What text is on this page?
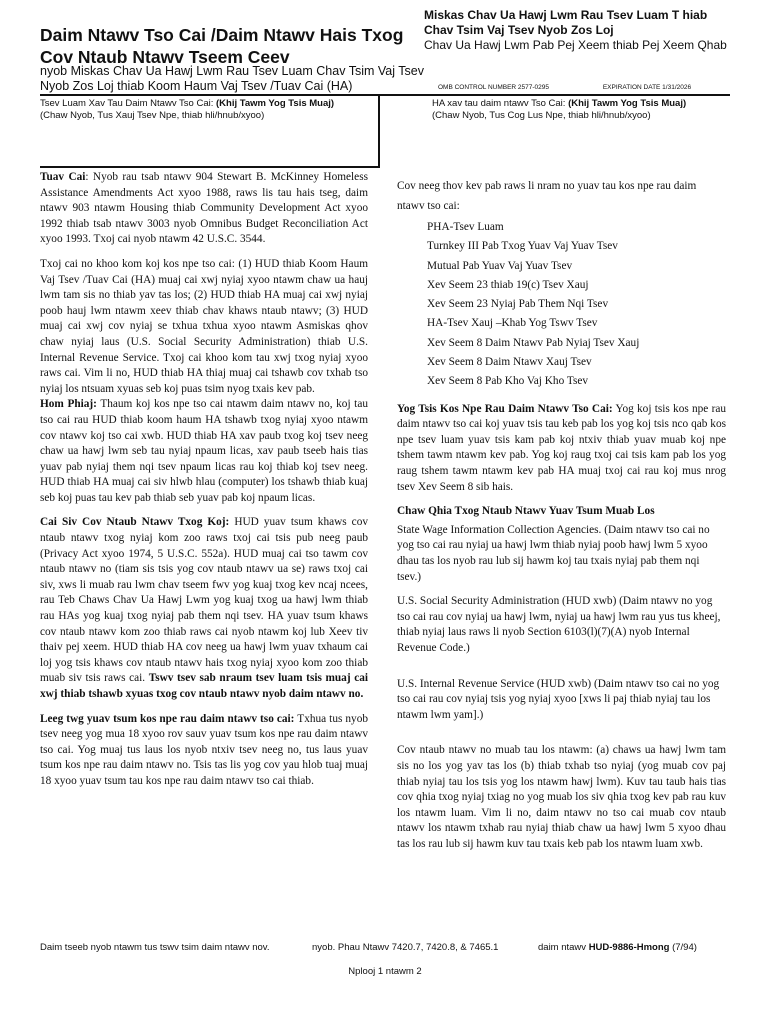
Daim Ntawv Tso Cai /Daim Ntawv Hais Txog Cov Ntaub Ntawv Tseem Ceev
nyob Miskas Chav Ua Hawj Lwm Rau Tsev Luam Chav Tsim Vaj Tsev Nyob Zos Loj thiab Koom Haum Vaj Tsev /Tuav Cai (HA)
Miskas Chav Ua Hawj Lwm Rau Tsev Luam T hiab Chav Tsim Vaj Tsev Nyob Zos Loj
Chav Ua Hawj Lwm Pab Pej Xeem thiab Pej Xeem Qhab
OMB CONTROL NUMBER 2577-0295	EXPIRATION DATE 1/31/2026
Tsev Luam Xav Tau Daim Ntawv Tso Cai: (Khij Tawm Yog Tsis Muaj)
(Chaw Nyob, Tus Xauj Tsev Npe, thiab hli/hnub/xyoo)
HA xav tau daim ntawv Tso Cai: (Khij Tawm Yog Tsis Muaj)
(Chaw Nyob, Tus Cog Lus Npe, thiab hli/hnub/xyoo)

Tuav Cai: Nyob rau tsab ntawv 904 Stewart B. McKinney Homeless Assistance Amendments Act xyoo 1988, raws lis tau hais tseg, daim ntawv 903 ntawm Housing thiab Community Development Act xyoo 1992 thiab tsab ntawv 3003 nyob Omnibus Budget Reconciliation Act xyoo 1993. Txoj cai nyob ntawm 42 U.S.C. 3544.

Txoj cai no khoo kom koj kos npe tso cai: (1) HUD thiab Koom Haum Vaj Tsev /Tuav Cai (HA) muaj cai xwj nyiaj xyoo ntawm chaw ua hauj lwm tam sis no thiab yav tas los; (2) HUD thiab HA muaj cai xwj nyiaj poob hauj lwm ntawm xeev thiab chav khaws ntaub ntawv; (3) HUD muaj cai xwj cov nyiaj se txhua txhua xyoo ntawm Asmiskas qhov chaw nyiaj laus (U.S. Social Security Administration) thiab U.S. Internal Revenue Service. Txoj cai khoo kom tau xwj txog nyiaj xyoo raws cai. Vim li no, HUD thiab HA thiaj muaj cai tshawb cov txhab tso nyiaj los ntsuam xyuas seb koj puas tsim nyog txais kev pab.

Hom Phiaj: Thaum koj kos npe tso cai ntawm daim ntawv no, koj tau tso cai rau HUD thiab koom haum HA tshawb txog nyiaj xyoo ntawm cov ntawv koj tso cai xwb. HUD thiab HA xav paub txog koj tsev neeg chaw ua hawj lwm seb tau nyiaj npaum licas, xav paub tseeb hais tias yuav pab nyiaj them nqi tsev npaum licas rau koj thiab koj tsev neeg. HUD thiab HA muaj cai siv hlwb hlau (computer) los tshawb thiab kuaj seb koj puas tau kev pab thiab seb yuav pab koj npaum licas.

Cai Siv Cov Ntaub Ntawv Txog Koj: HUD yuav tsum khaws cov ntaub ntawv txog nyiaj kom zoo raws txoj cai tsis pub neeg paub (Privacy Act xyoo 1974, 5 U.S.C. 552a). HUD muaj cai tso tawm cov ntaub ntawv no (tiam sis tsis yog cov ntaub ntawv ua se) raws txoj cai siv, xws li muab rau lwm chav tseem fwv yog kuaj txog kev ncaj ncees, rau Teb Chaws Chav Ua Hawj Lwm yog kuaj txog ua hawj lwm thiab rau HAs yog kuaj txog nyiaj pab them nqi tsev. HA yuav tsum khaws cov ntaub ntawv kom zoo thiab raws cai nyob ntawm koj lub Xeev tiv thaiv pej xeem. HUD thiab HA cov neeg ua hawj lwm yuav txhaum cai loj yog tsis khaws cov ntaub ntawv hais txog nyiaj xyoo kom zoo thiab muab siv tsis raws cai. Tswv tsev sab nraum tsev luam tsis muaj cai xwj thiab tshawb xyuas txog cov ntaub ntawv nyob daim ntawv no.

Leeg twg yuav tsum kos npe rau daim ntawv tso cai: Txhua tus nyob tsev neeg yog mua 18 xyoo rov sauv yuav tsum kos npe rau daim ntawv tso cai. Yog muaj tus laus los nyob ntxiv tsev neeg no, tus laus yuav tsum kos npe rau daim ntawv no. Tsis tas lis yog cov yau hlob tuaj muaj 18 xyoo yuav tsum tau kos npe rau daim ntawv tso cai thiab.

Cov neeg thov kev pab raws li nram no yuav tau kos npe rau daim ntawv tso cai:

PHA-Tsev Luam
Turnkey III Pab Txog Yuav Vaj Yuav Tsev
Mutual Pab Yuav Vaj Yuav Tsev
Xev Seem 23 thiab 19(c) Tsev Xauj
Xev Seem 23 Nyiaj Pab Them Nqi Tsev
HA-Tsev Xauj –Khab Yog Tswv Tsev
Xev Seem 8 Daim Ntawv Pab Nyiaj Tsev Xauj
Xev Seem 8 Daim Ntawv Xauj Tsev
Xev Seem 8 Pab Kho Vaj Kho Tsev

Yog Tsis Kos Npe Rau Daim Ntawv Tso Cai: Yog koj tsis kos npe rau daim ntawv tso cai koj yuav tsis tau keb pab los yog koj tsis nco qab kos npe tsev luam yuav tsis kam pab koj ntxiv thiab yuav muab koj npe tshem tawm ntawm kev pab. Yog koj raug txoj cai tsis kam pab los yog raug tshem tawm ntawm kev pab HA muaj txoj cai rau koj mus nrog tsev Xev Seem 8 sib hais.

Chaw Qhia Txog Ntaub Ntawv Yuav Tsum Muab Los

State Wage Information Collection Agencies. (Daim ntawv tso cai no yog tso cai rau nyiaj ua hawj lwm thiab nyiaj poob hawj lwm 5 xyoo dhau tas los nyob rau lub sij hawm koj tau txais nyiaj pab them nqi tsev.)

U.S. Social Security Administration (HUD xwb) (Daim ntawv no yog tso cai rau cov nyiaj ua hawj lwm, nyiaj ua hawj lwm rau yus tus kheej, thiab nyiaj laus raws li nyob Section 6103(l)(7)(A) nyob Internal Revenue Code.)

U.S. Internal Revenue Service (HUD xwb) (Daim ntawv tso cai no yog tso cai rau cov nyiaj tsis yog nyiaj xyoo [xws li paj thiab nyiaj tau los ntawm lwm yam].)

Cov ntaub ntawv no muab tau los ntawm: (a) chaws ua hawj lwm tam sis no los yog yav tas los (b) thiab txhab tso nyiaj (yog muab cov paj thiab nyiaj tau los tsis yog los ntawm hawj lwm). Kuv tau taub hais tias cov qhia txog nyiaj txiag no yog muab los siv qhia txog kev pab rau kuv los ntawm luam. Vim li no, daim ntawv no tso cai muab cov ntaub ntawv los ntawm txhab rau nyiaj thiab chaw ua hawj lwm 5 xyoo dhau tas los rau lub sij hawm kuv tau txais keb pab los ntawm luam xwb.

Daim tseeb nyob ntawm tus tswv tsim daim ntawv nov.	nyob. Phau Ntawv 7420.7, 7420.8, & 7465.1	daim ntawv HUD-9886-Hmong (7/94)
Nplooj 1 ntawm 2
